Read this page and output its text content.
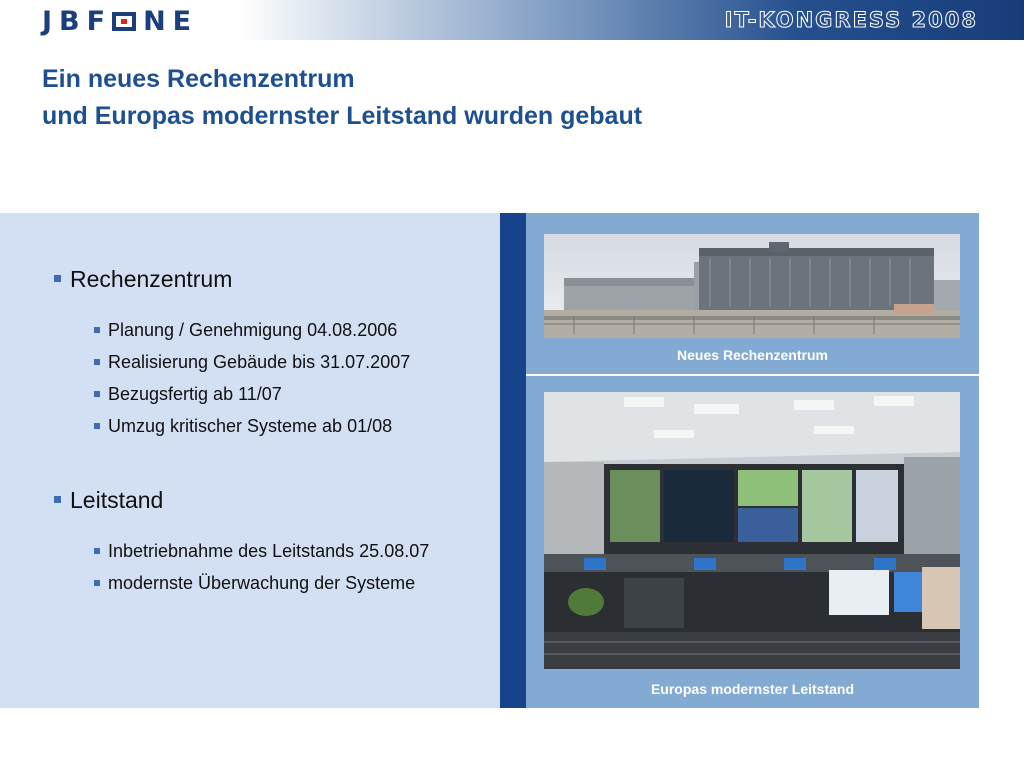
JBF NE	IT-KONGRESS 2008
Ein neues Rechenzentrum
und Europas modernster Leitstand wurden gebaut
Rechenzentrum
Planung / Genehmigung 04.08.2006
Realisierung Gebäude bis 31.07.2007
Bezugsfertig ab 11/07
Umzug kritischer Systeme ab 01/08
Leitstand
Inbetriebnahme des Leitstands 25.08.07
modernste Überwachung der Systeme
Neues Rechenzentrum
Europas modernster Leitstand
